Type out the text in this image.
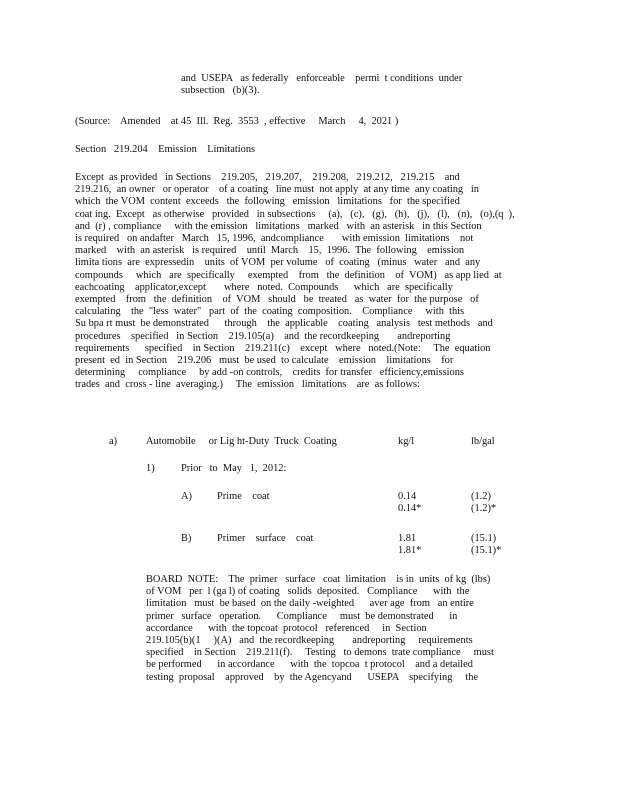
and  USEPA   as federally   enforceable    permi  t conditions  under
subsection   (b)(3).
(Source:    Amended    at 45  Ill.  Reg.  3553  , effective     March     4,  2021 )
Section   219.204    Emission    Limitations
Except  as provided   in Sections    219.205,   219.207,    219.208,   219.212,   219.215    and
219.216,  an owner   or operator    of a coating   line must  not apply  at any time  any coating   in
which  the VOM  content  exceeds   the  following   emission   limitations   for  the specified
coat ing.  Except   as otherwise   provided   in subsections     (a),   (c),   (g),   (h),   (j),   (l),   (n),   (o),(q  ),
and  (r) , compliance     with the emission   limitations   marked   with  an asterisk   in this Section
is required   on andafter   March   15, 1996,  andcompliance       with emission  limitations    not
marked    with  an asterisk   is required    until  March    15,  1996.  The  following    emission
limita tions  are  expressedin    units  of VOM  per volume   of  coating   (minus   water   and  any
compounds     which   are  specifically     exempted    from   the  definition    of  VOM)   as app lied  at
eachcoating    applicator,except       where   noted.  Compounds      which   are  specifically
exempted    from   the  definition    of  VOM   should   be  treated   as  water  for  the purpose   of
calculating    the  "less  water"   part  of  the  coating  composition.    Compliance     with  this
Su bpa rt must  be demonstrated      through    the  applicable    coating   analysis   test methods   and
procedures    specified   in Section    219.105(a)    and  the recordkeeping       andreporting
requirements      specified    in Section    219.211(c)    except   where   noted.(Note:     The  equation
present  ed  in Section    219.206   must  be used  to calculate    emission    limitations    for
determining     compliance     by add -on controls,    credits  for transfer   efficiency,emissions
trades  and  cross - line  averaging.)     The  emission   limitations    are  as follows:
a)	Automobile     or Lig ht-Duty  Truck  Coating	kg/l	lb/gal
1)	Prior   to  May   1,  2012:
A) Prime    coat	0.14	(1.2)
0.14*	(1.2)*
B) Primer    surface    coat	1.81	(15.1)
1.81*	(15.1)*
BOARD  NOTE:    The  primer   surface   coat  limitation    is in  units  of kg  (lbs)
of VOM   per  l (ga l) of coating   solids  deposited.   Compliance      with  the
limitation   must  be based  on the daily -weighted      aver age  from   an entire
primer   surface   operation.      Compliance     must  be demonstrated      in
accordance      with  the topcoat  protocol   referenced     in  Section
219.105(b)(1     )(A)   and  the recordkeeping       andreporting     requirements
specified    in Section    219.211(f).     Testing   to demons  trate compliance     must
be performed      in accordance      with  the  topcoa  t protocol    and a detailed
testing  proposal    approved    by  the Agencyand      USEPA    specifying     the
